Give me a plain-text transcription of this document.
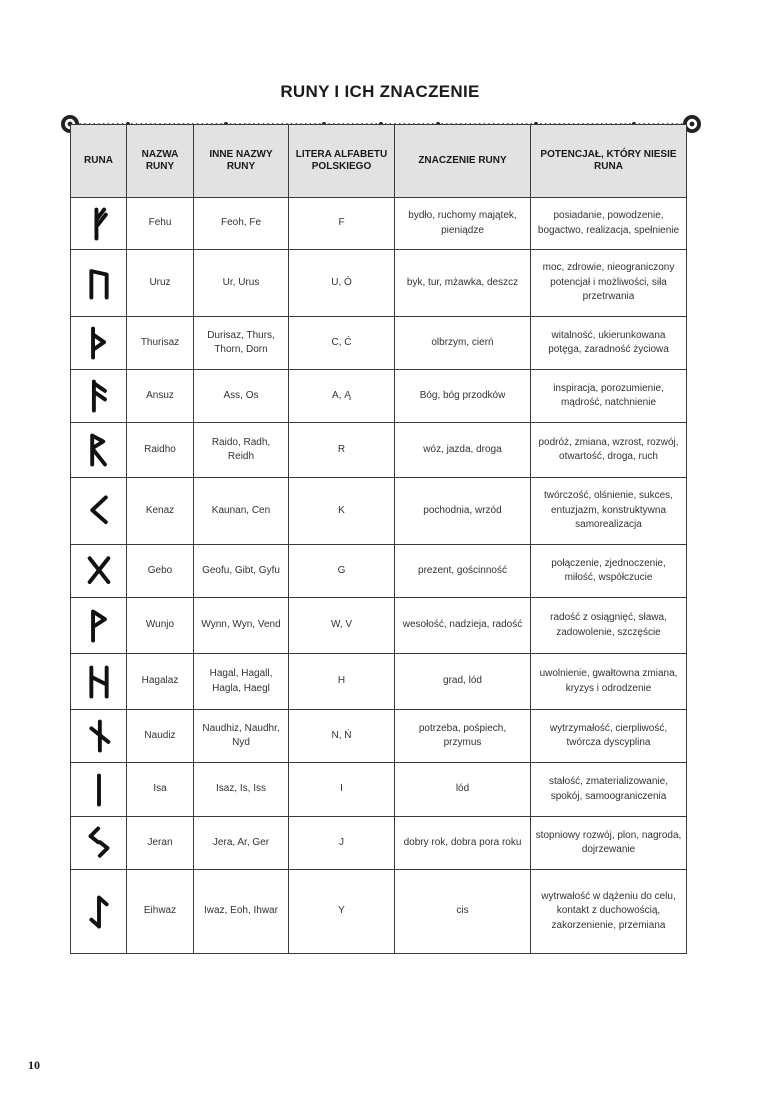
RUNY I ICH ZNACZENIE
RUNA	NAZWA RUNY	INNE NAZWY RUNY	LITERA ALFABETU POLSKIEGO	ZNACZENIE RUNY	POTENCJAŁ, KTÓRY NIESIE RUNA

	Fehu	Feoh, Fe	F	bydło, ruchomy majątek, pieniądze	posiadanie, powodzenie, bogactwo, realizacja, spełnienie

	Uruz	Ur, Urus	U, Ó	byk, tur, mżawka, deszcz	moc, zdrowie, nieograniczony potencjał i możliwości, siła przetrwania

	Thurisaz	Durisaz, Thurs, Thorn, Dorn	C, Ć	olbrzym, cierń	witalność, ukierunkowana potęga, zaradność życiowa

	Ansuz	Ass, Os	A, Ą	Bóg, bóg przodków	inspiracja, porozumienie, mądrość, natchnienie

	Raidho	Raido, Radh, Reidh	R	wóz, jazda, droga	podróż, zmiana, wzrost, rozwój, otwartość, droga, ruch

	Kenaz	Kaunan, Cen	K	pochodnia, wrzód	twórczość, olśnienie, sukces, entuzjazm, konstruktywna samorealizacja

	Gebo	Geofu, Gibt, Gyfu	G	prezent, gościnność	połączenie, zjednoczenie, miłość, współczucie

	Wunjo	Wynn, Wyn, Vend	W, V	wesołość, nadzieja, radość	radość z osiągnięć, sława, zadowolenie, szczęście

	Hagalaz	Hagal, Hagall, Hagla, Haegl	H	grad, lód	uwolnienie, gwałtowna zmiana, kryzys i odrodzenie

	Naudiz	Naudhiz, Naudhr, Nyd	N, Ń	potrzeba, pośpiech, przymus	wytrzymałość, cierpliwość, twórcza dyscyplina

	Isa	Isaz, Is, Iss	I	lód	stałość, zmaterializowanie, spokój, samoograniczenia

	Jeran	Jera, Ar, Ger	J	dobry rok, dobra pora roku	stopniowy rozwój, plon, nagroda, dojrzewanie

	Eihwaz	Iwaz, Eoh, Ihwar	Y	cis	wytrwałość w dążeniu do celu, kontakt z duchowością, zakorzenienie, przemiana
10
